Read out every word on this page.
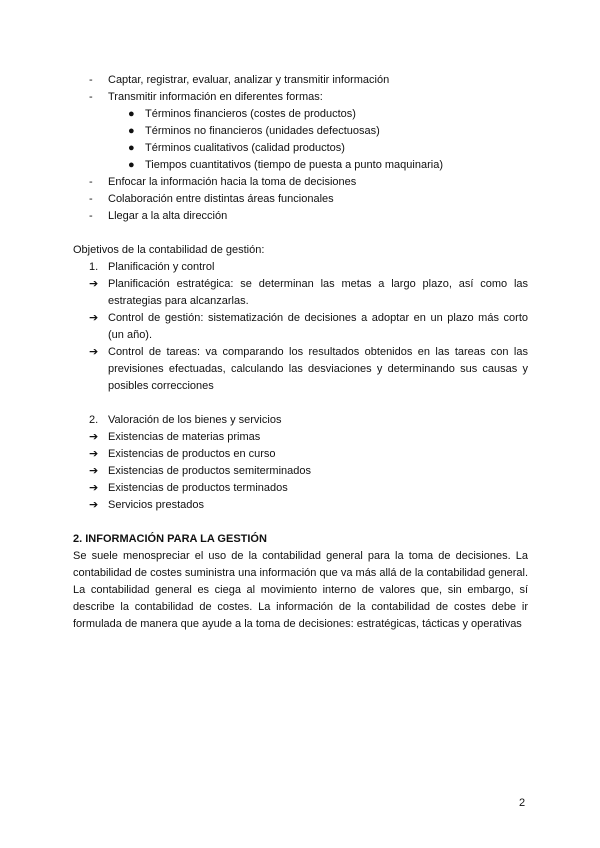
- Captar, registrar, evaluar, analizar y transmitir información
- Transmitir información en diferentes formas:
● Términos financieros (costes de productos)
● Términos no financieros (unidades defectuosas)
● Términos cualitativos (calidad productos)
● Tiempos cuantitativos (tiempo de puesta a punto maquinaria)
- Enfocar la información hacia la toma de decisiones
- Colaboración entre distintas áreas funcionales
- Llegar a la alta dirección
Objetivos de la contabilidad de gestión:
1. Planificación y control
➔ Planificación estratégica: se determinan las metas a largo plazo, así como las estrategias para alcanzarlas.
➔ Control de gestión: sistematización de decisiones a adoptar en un plazo más corto (un año).
➔ Control de tareas: va comparando los resultados obtenidos en las tareas con las previsiones efectuadas, calculando las desviaciones y determinando sus causas y posibles correcciones
2. Valoración de los bienes y servicios
➔ Existencias de materias primas
➔ Existencias de productos en curso
➔ Existencias de productos semiterminados
➔ Existencias de productos terminados
➔ Servicios prestados
2. INFORMACIÓN PARA LA GESTIÓN
Se suele menospreciar el uso de la contabilidad general para la toma de decisiones. La contabilidad de costes suministra una información que va más allá de la contabilidad general. La contabilidad general es ciega al movimiento interno de valores que, sin embargo, sí describe la contabilidad de costes. La información de la contabilidad de costes debe ir formulada de manera que ayude a la toma de decisiones: estratégicas, tácticas y operativas
2
